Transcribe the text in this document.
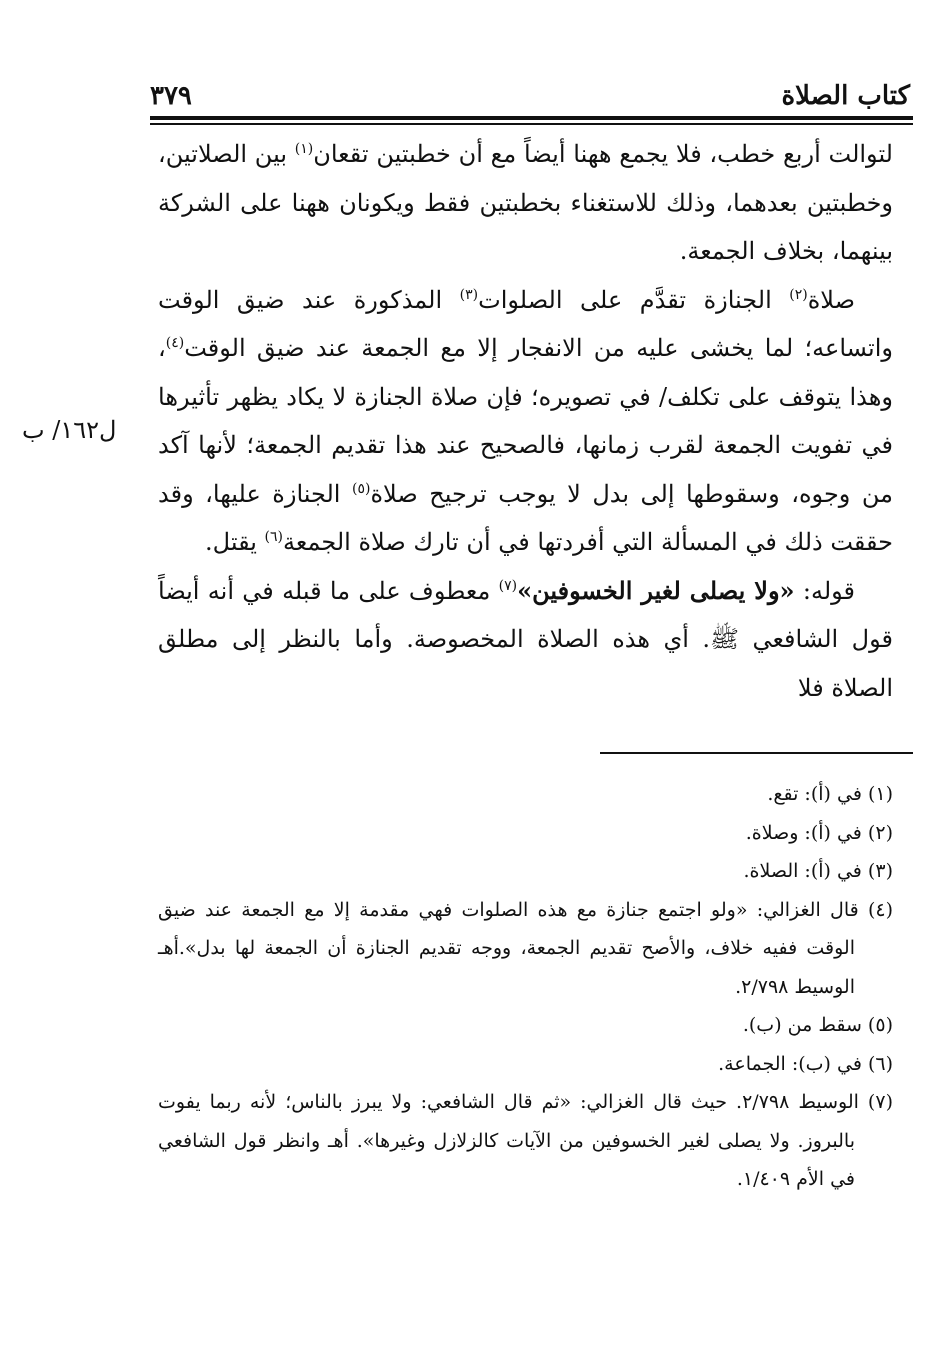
كتاب الصلاة
٣٧٩

لتوالت أربع خطب، فلا يجمع ههنا أيضاً مع أن خطبتين تقعان$^{(١)}$ بين الصلاتين، وخطبتين بعدهما، وذلك للاستغناء بخطبتين فقط ويكونان ههنا على الشركة بينهما، بخلاف الجمعة.

صلاة$^{(٢)}$ الجنازة تقدَّم على الصلوات$^{(٣)}$ المذكورة عند ضيق الوقت واتساعه؛ لما يخشى عليه من الانفجار إلا مع الجمعة عند ضيق الوقت$^{(٤)}$، وهذا يتوقف على تكلف/ في تصويره؛ فإن صلاة الجنازة لا يكاد يظهر تأثيرها في تفويت الجمعة لقرب زمانها، فالصحيح عند هذا تقديم الجمعة؛ لأنها آكد من وجوه، وسقوطها إلى بدل لا يوجب ترجيح صلاة$^{(٥)}$ الجنازة عليها، وقد حققت ذلك في المسألة التي أفردتها في أن تارك صلاة الجمعة$^{(٦)}$ يقتل.

قوله: «ولا يصلى لغير الخسوفين»$^{(٧)}$ معطوف على ما قبله في أنه أيضاً قول الشافعي ﷺ. أي هذه الصلاة المخصوصة. وأما بالنظر إلى مطلق الصلاة فلا

ل١٦٢/ ب

(١) في (أ): تقع.

(٢) في (أ): وصلاة.

(٣) في (أ): الصلاة.

(٤) قال الغزالي: «ولو اجتمع جنازة مع هذه الصلوات فهي مقدمة إلا مع الجمعة عند ضيق الوقت ففيه خلاف، والأصح تقديم الجمعة، ووجه تقديم الجنازة أن الجمعة لها بدل».أهـ الوسيط ٢/٧٩٨.

(٥) سقط من (ب).

(٦) في (ب): الجماعة.

(٧) الوسيط ٢/٧٩٨. حيث قال الغزالي: «ثم قال الشافعي: ولا يبرز بالناس؛ لأنه ربما يفوت بالبروز. ولا يصلى لغير الخسوفين من الآيات كالزلازل وغيرها». أهـ وانظر قول الشافعي في الأم ١/٤٠٩.
